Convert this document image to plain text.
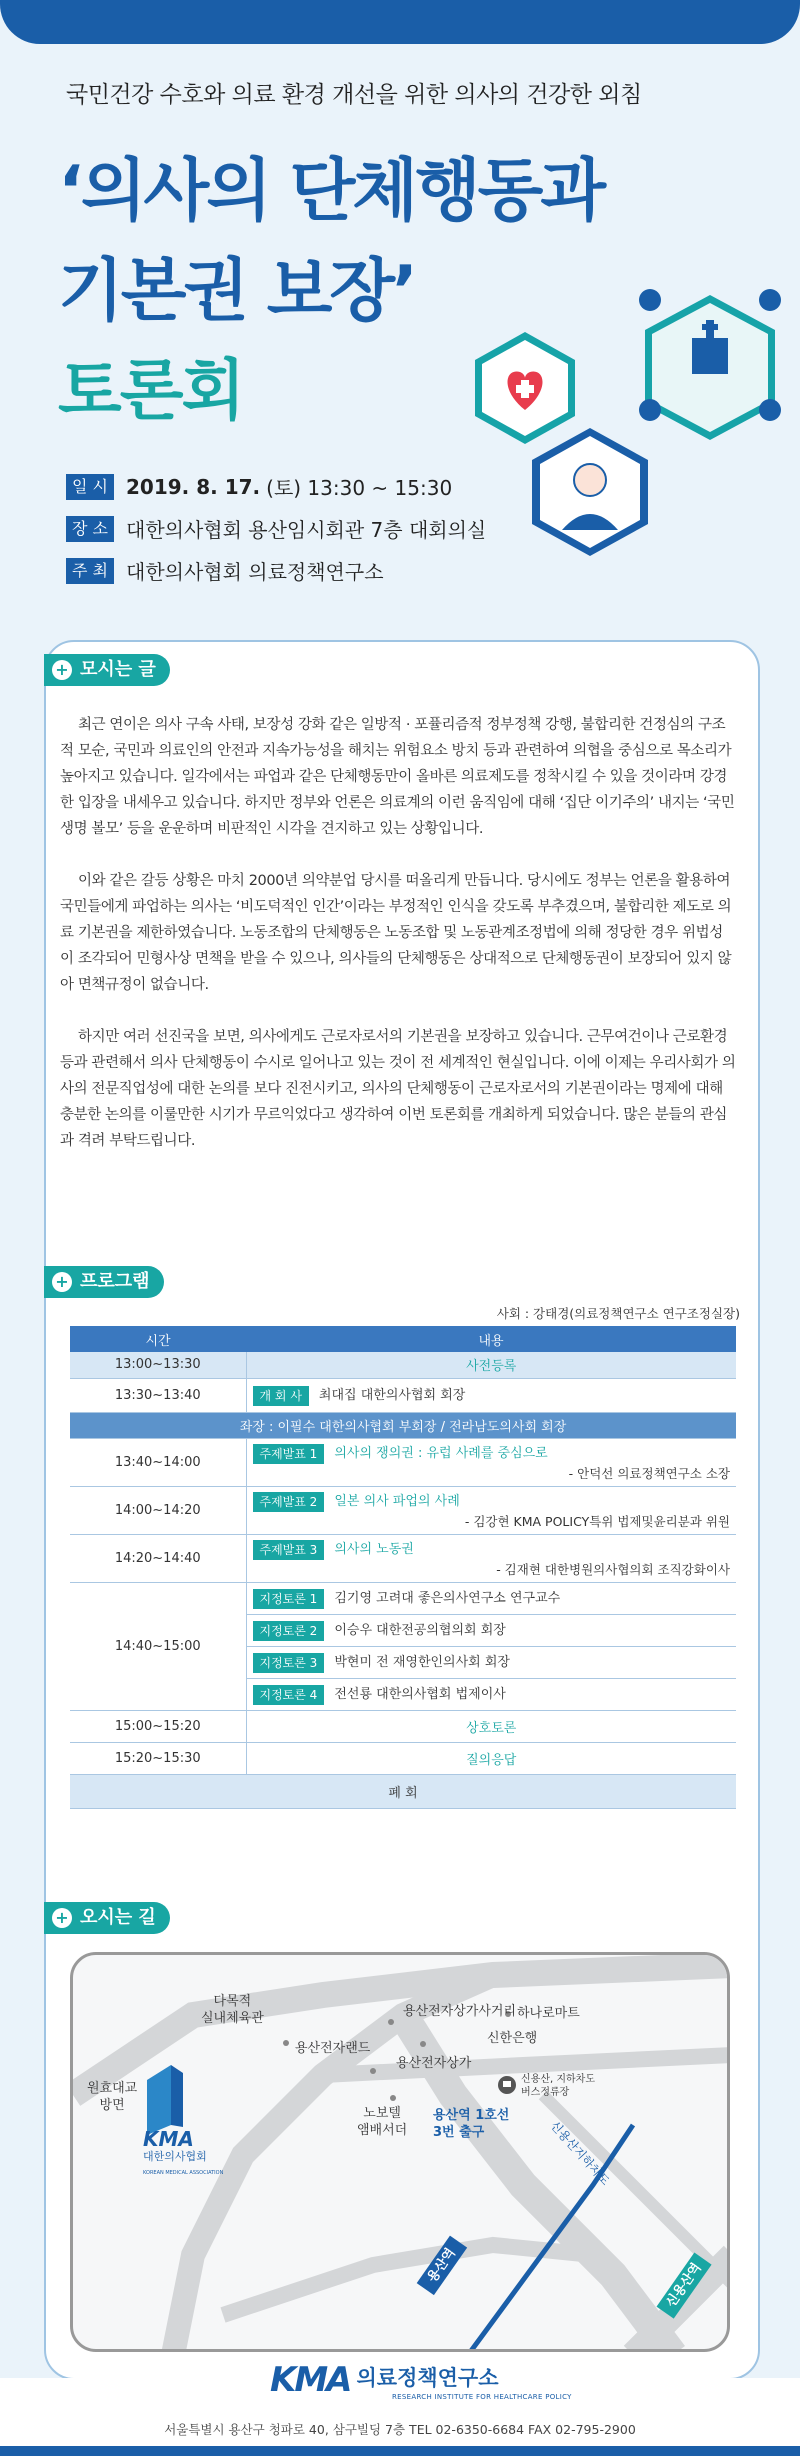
국민건강 수호와 의료 환경 개선을 위한 의사의 건강한 외침
‘의사의 단체행동과
기본권 보장’
토론회
일 시 2019. 8. 17. (토) 13:30 ~ 15:30
장 소 대한의사협회 용산임시회관 7층 대회의실
주 최 대한의사협회 의료정책연구소
+ 모시는 글

최근 연이은 의사 구속 사태, 보장성 강화 같은 일방적 · 포퓰리즘적 정부정책 강행, 불합리한 건정심의 구조적 모순, 국민과 의료인의 안전과 지속가능성을 해치는 위험요소 방치 등과 관련하여 의협을 중심으로 목소리가 높아지고 있습니다. 일각에서는 파업과 같은 단체행동만이 올바른 의료제도를 정착시킬 수 있을 것이라며 강경한 입장을 내세우고 있습니다. 하지만 정부와 언론은 의료계의 이런 움직임에 대해 ‘집단 이기주의’ 내지는 ‘국민 생명 볼모’ 등을 운운하며 비판적인 시각을 견지하고 있는 상황입니다.

이와 같은 갈등 상황은 마치 2000년 의약분업 당시를 떠올리게 만듭니다. 당시에도 정부는 언론을 활용하여 국민들에게 파업하는 의사는 ‘비도덕적인 인간’이라는 부정적인 인식을 갖도록 부추겼으며, 불합리한 제도로 의료 기본권을 제한하였습니다. 노동조합의 단체행동은 노동조합 및 노동관계조정법에 의해 정당한 경우 위법성이 조각되어 민형사상 면책을 받을 수 있으나, 의사들의 단체행동은 상대적으로 단체행동권이 보장되어 있지 않아 면책규정이 없습니다.

하지만 여러 선진국을 보면, 의사에게도 근로자로서의 기본권을 보장하고 있습니다. 근무여건이나 근로환경 등과 관련해서 의사 단체행동이 수시로 일어나고 있는 것이 전 세계적인 현실입니다. 이에 이제는 우리사회가 의사의 전문직업성에 대한 논의를 보다 진전시키고, 의사의 단체행동이 근로자로서의 기본권이라는 명제에 대해 충분한 논의를 이룰만한 시기가 무르익었다고 생각하여 이번 토론회를 개최하게 되었습니다. 많은 분들의 관심과 격려 부탁드립니다.

+ 프로그램
사회 : 강태경(의료정책연구소 연구조정실장)
시간	내용
13:00~13:30	사전등록
13:30~13:40	개 회 사 최대집 대한의사협회 회장
좌장 : 이필수 대한의사협회 부회장 / 전라남도의사회 회장	
13:40~14:00	주제발표 1 의사의 쟁의권 : 유럽 사례를 중심으로
- 안덕선 의료정책연구소 소장

14:00~14:20	주제발표 2 일본 의사 파업의 사례
- 김강현 KMA POLICY특위 법제및윤리분과 위원

14:20~14:40	주제발표 3 의사의 노동권
- 김재현 대한병원의사협의회 조직강화이사

14:40~15:00	지정토론 1 김기영 고려대 좋은의사연구소 연구교수
	지정토론 2 이승우 대한전공의협의회 회장
	지정토론 3 박현미 전 재영한인의사회 회장
	지정토론 4 전선룡 대한의사협회 법제이사
15:00~15:20	상호토론
15:20~15:30	질의응답
폐 회	
+ 오시는 길
다목적
실내체육관
용산전자랜드
용산전자상가사거리 하나로마트
신한은행
용산전자상가
신용산, 지하차도
버스정류장
원효대교
방면
노보텔
앰배서더
용산역 1호선
3번 출구	신용산지하차도
용산역	신용산역
KMA
대한의사협회
KOREAN MEDICAL ASSOCIATION
KMA 의료정책연구소
RESEARCH INSTITUTE FOR HEALTHCARE POLICY
서울특별시 용산구 청파로 40, 삼구빌딩 7층 TEL 02-6350-6684 FAX 02-795-2900
